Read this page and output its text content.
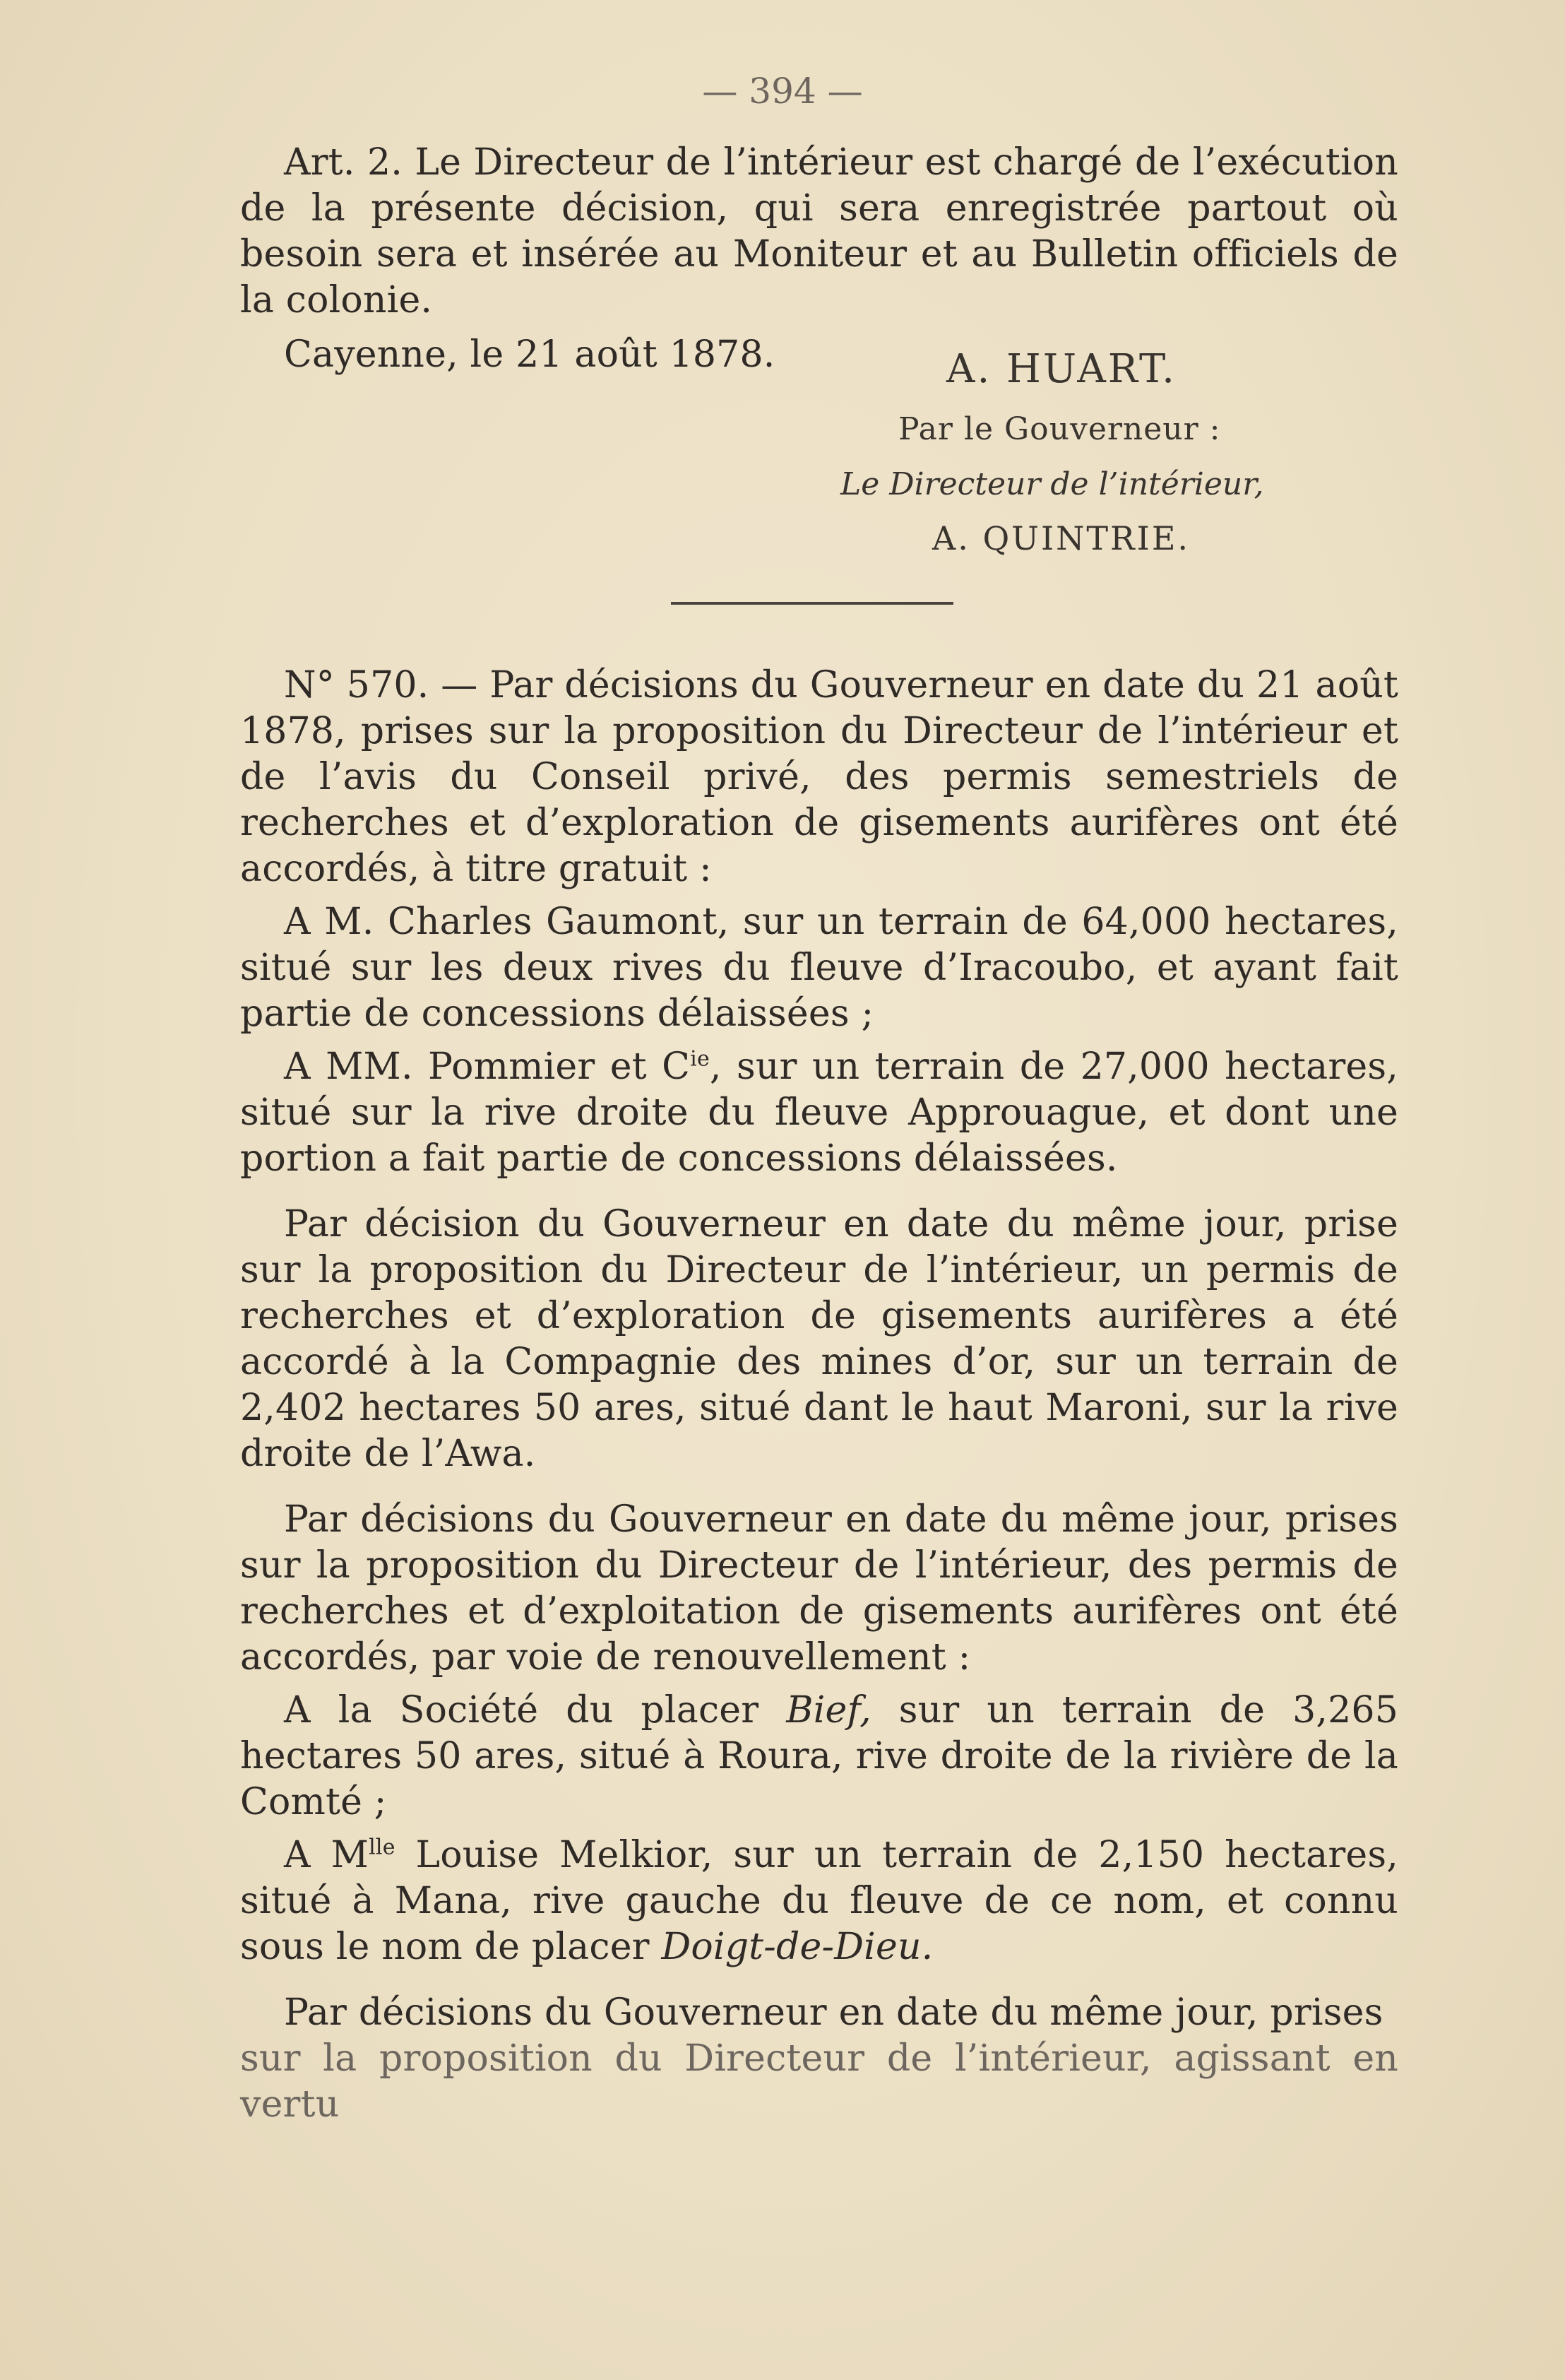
— 394 —

Art. 2. Le Directeur de l’intérieur est chargé de l’exécution de la présente décision, qui sera enregistrée partout où besoin sera et insérée au Moniteur et au Bulletin officiels de la colonie.

Cayenne, le 21 août 1878.	A. HUART.
Par le Gouverneur :
Le Directeur de l’intérieur,
A. QUINTRIE.

N° 570. — Par décisions du Gouverneur en date du 21 août 1878, prises sur la proposition du Directeur de l’intérieur et de l’avis du Conseil privé, des permis semestriels de recherches et d’exploration de gisements aurifères ont été accordés, à titre gratuit :

A M. Charles Gaumont, sur un terrain de 64,000 hectares, situé sur les deux rives du fleuve d’Iracoubo, et ayant fait partie de concessions délaissées ;

A MM. Pommier et $C^{ie}$, sur un terrain de 27,000 hectares, situé sur la rive droite du fleuve Approuague, et dont une portion a fait partie de concessions délaissées.

Par décision du Gouverneur en date du même jour, prise sur la proposition du Directeur de l’intérieur, un permis de recherches et d’exploration de gisements aurifères a été accordé à la Compagnie des mines d’or, sur un terrain de 2,402 hectares 50 ares, situé dant le haut Maroni, sur la rive droite de l’Awa.

Par décisions du Gouverneur en date du même jour, prises sur la proposition du Directeur de l’intérieur, des permis de recherches et d’exploitation de gisements aurifères ont été accordés, par voie de renouvellement :

A la Société du placer Bief, sur un terrain de 3,265 hectares 50 ares, situé à Roura, rive droite de la rivière de la Comté ;

A $M^{lle}$ Louise Melkior, sur un terrain de 2,150 hectares, situé à Mana, rive gauche du fleuve de ce nom, et connu sous le nom de placer Doigt-de-Dieu.

Par décisions du Gouverneur en date du même jour, prises

sur la proposition du Directeur de l’intérieur, agissant en vertu
